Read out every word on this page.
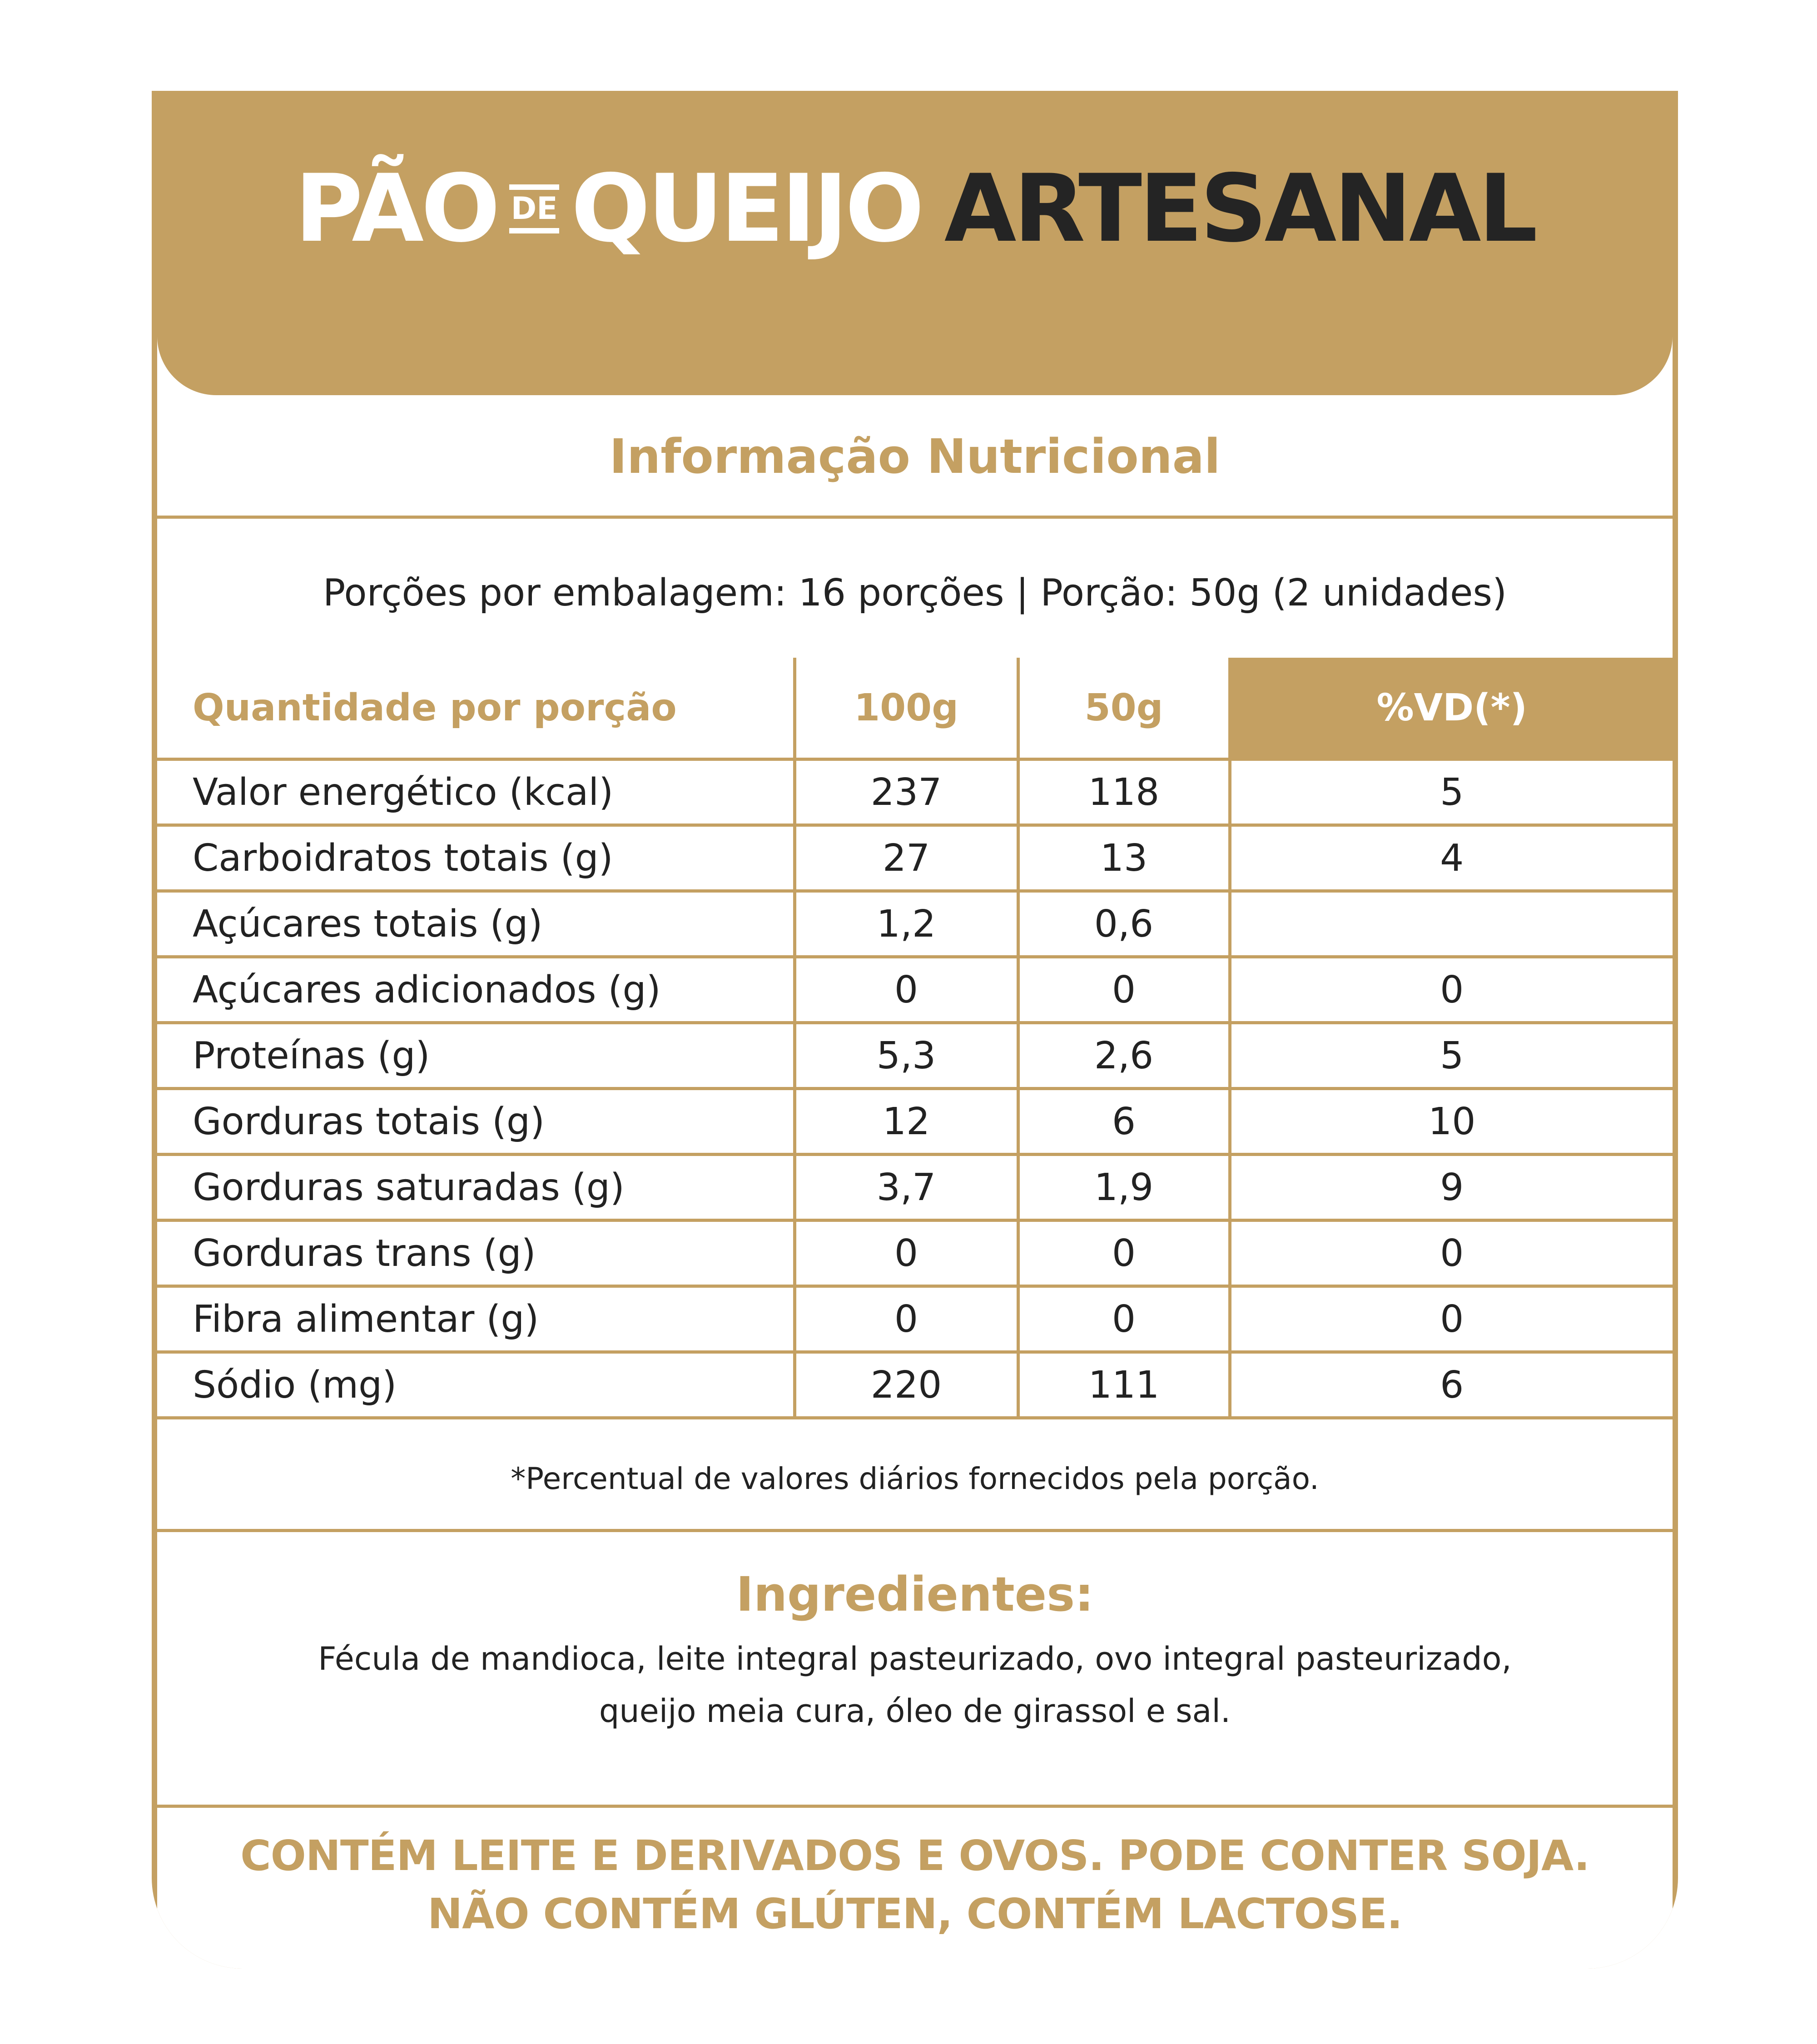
PÃO DE QUEIJO ARTESANAL
Informação Nutricional
Porções por embalagem: 16 porções | Porção: 50g (2 unidades)
Quantidade por porção	100g	50g	%VD(*)
Valor energético (kcal)	237	118	5
Carboidratos totais (g)	27	13	4
Açúcares totais (g)	1,2	0,6	
Açúcares adicionados (g)	0	0	0
Proteínas (g)	5,3	2,6	5
Gorduras totais (g)	12	6	10
Gorduras saturadas (g)	3,7	1,9	9
Gorduras trans (g)	0	0	0
Fibra alimentar (g)	0	0	0
Sódio (mg)	220	111	6
*Percentual de valores diários fornecidos pela porção.
Ingredientes:
Fécula de mandioca, leite integral pasteurizado, ovo integral pasteurizado,
queijo meia cura, óleo de girassol e sal.
CONTÉM LEITE E DERIVADOS E OVOS. PODE CONTER SOJA.
NÃO CONTÉM GLÚTEN, CONTÉM LACTOSE.
